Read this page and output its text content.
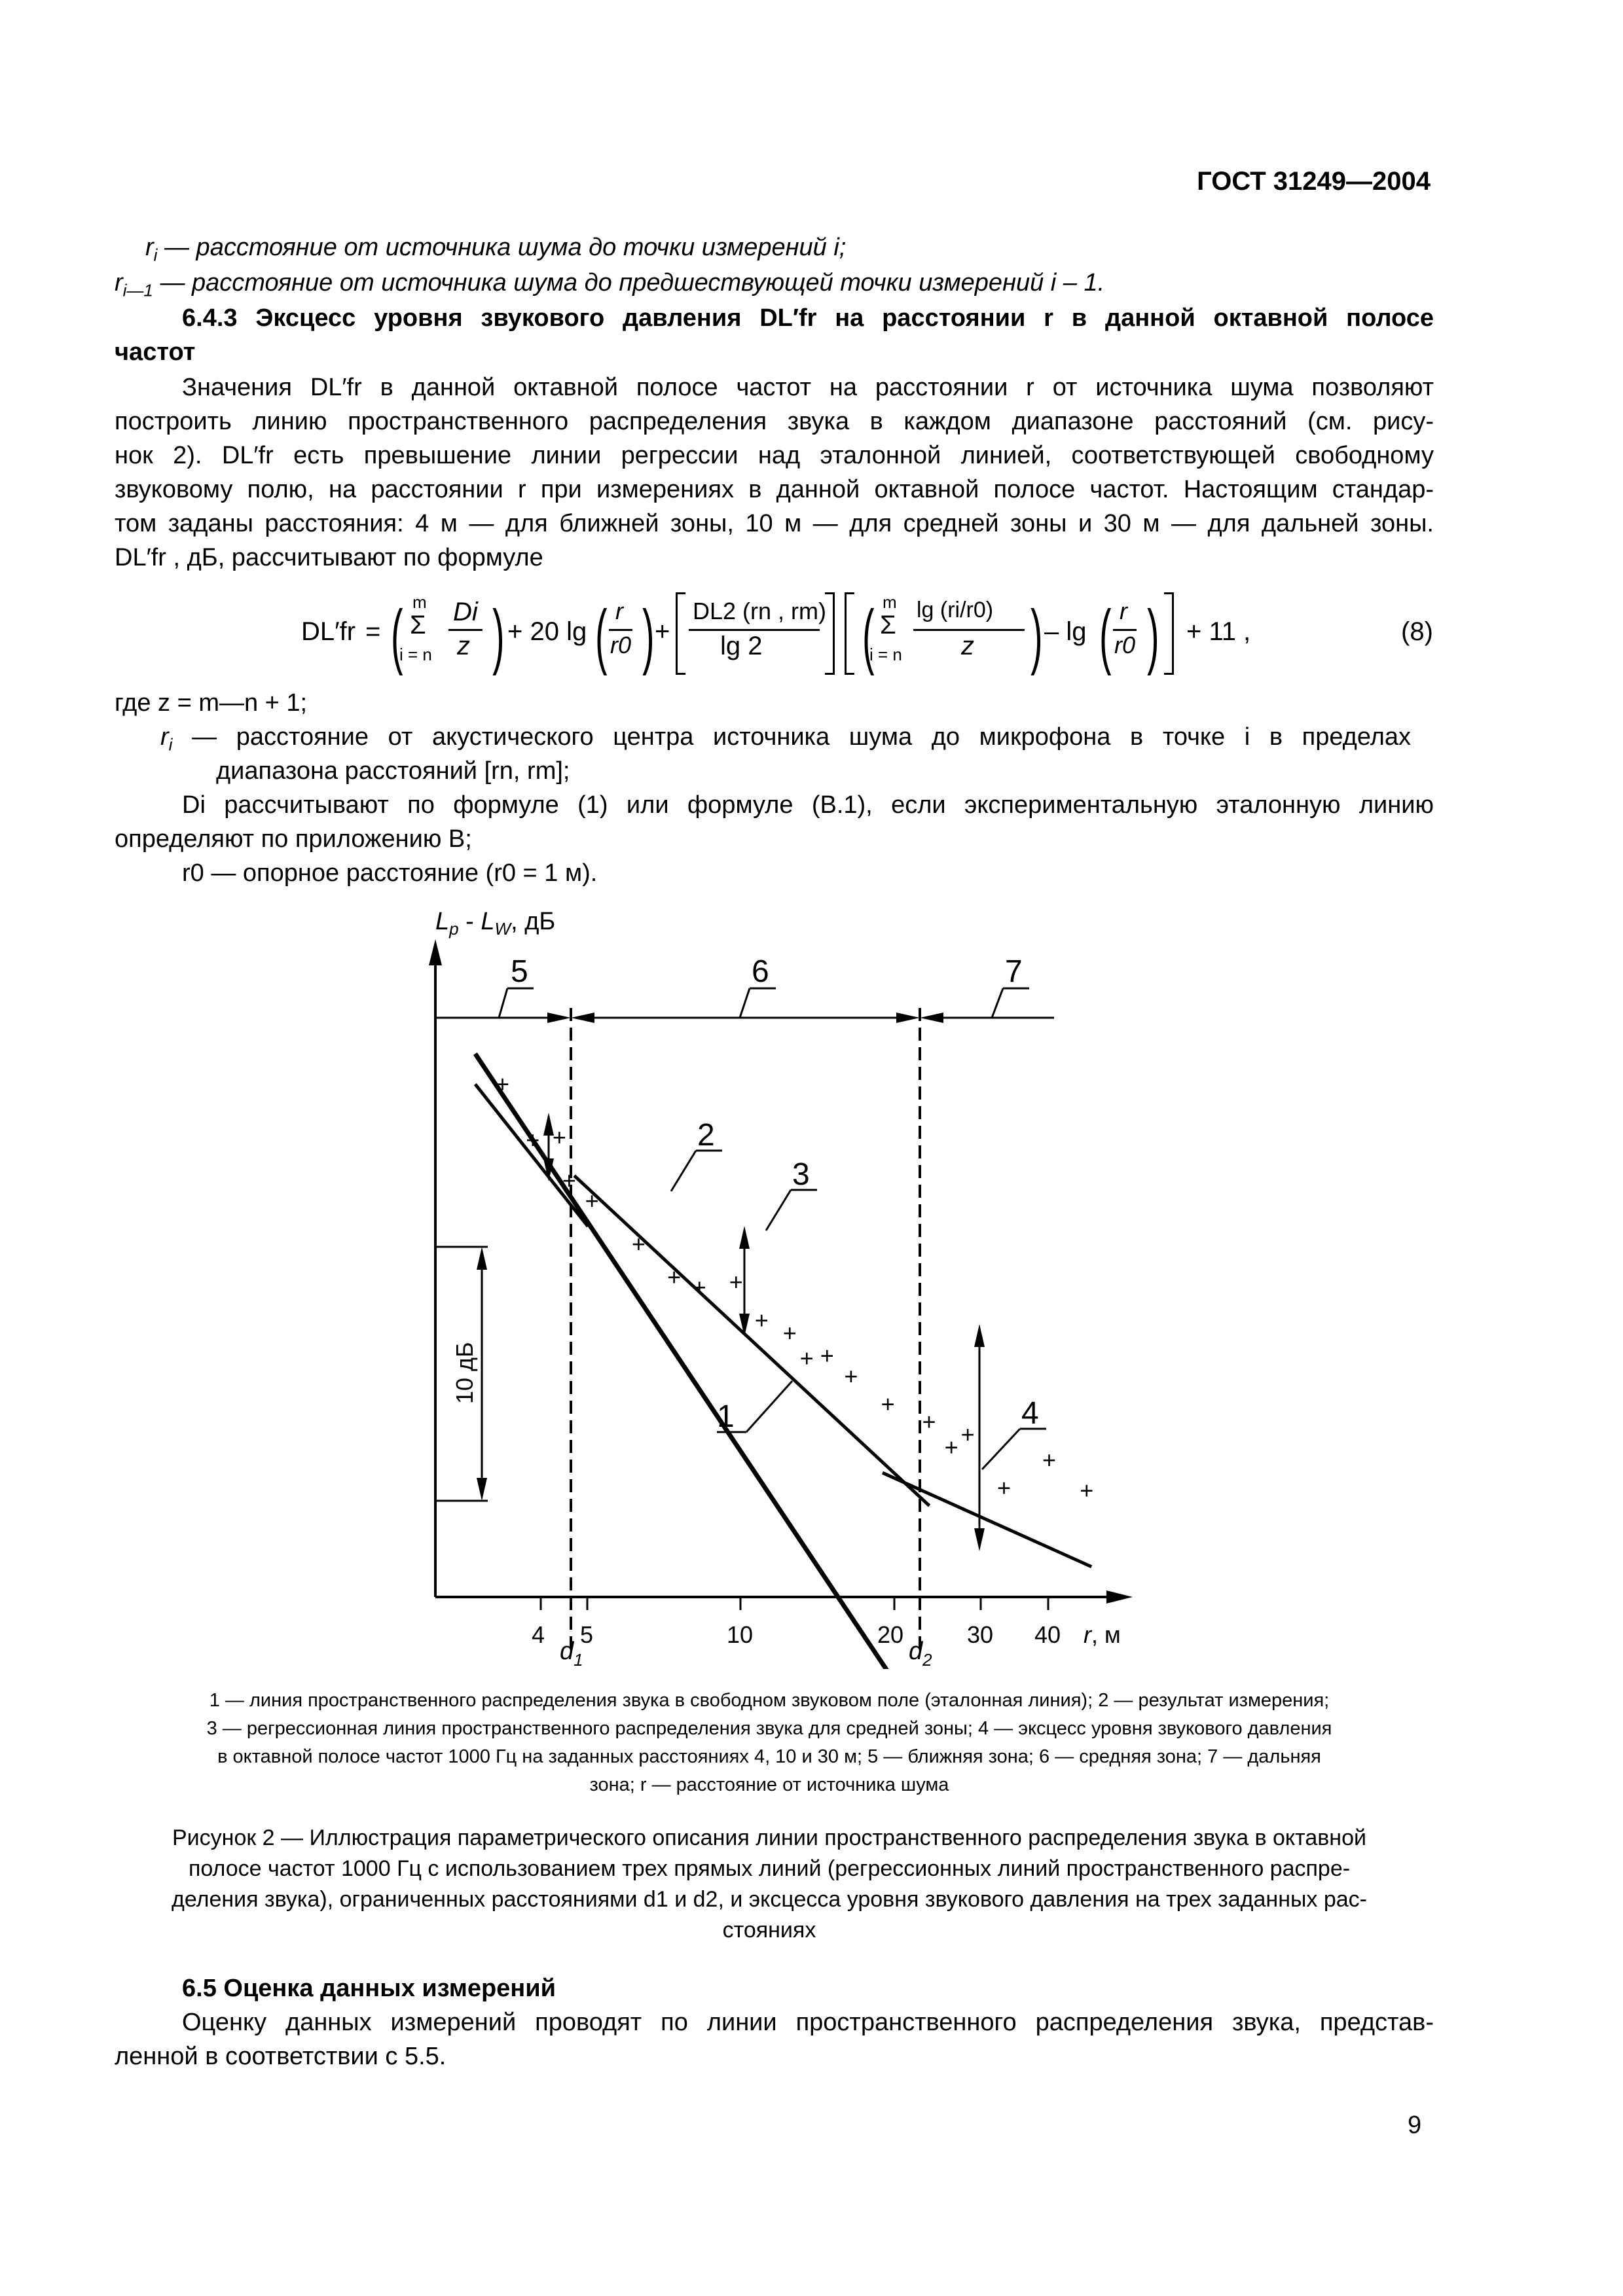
ГОСТ 31249—2004
$r_i$ — расстояние от источника шума до точки измерений i;
$r_{i—1}$ — расстояние от источника шума до предшествующей точки измерений i – 1.
6.4.3 Эксцесс уровня звукового давления DL′fr на расстоянии r в данной октавной полосе
частот
Значения DL′fr в данной октавной полосе частот на расстоянии r от источника шума позволяют
построить линию пространственного распределения звука в каждом диапазоне расстояний (см. рису-
нок 2). DL′fr есть превышение линии регрессии над эталонной линией, соответствующей свободному
звуковому полю, на расстоянии r при измерениях в данной октавной полосе частот. Настоящим стандар-
том заданы расстояния: 4 м — для ближней зоны, 10 м — для средней зоны и 30 м — для дальней зоны.
DL′fr , дБ, рассчитывают по формуле
DL′fr = ( m
Σ
i = n
Di
z ) + 20 lg ( r
r0 ) +
DL2 (rn , rm)
lg 2 ( m
Σ
i = n
lg (ri/r0)
z ) – lg ( r
r0 ) + 11 ,	(8)
где z = m—n + 1;
$r_i$ — расстояние от акустического центра источника шума до микрофона в точке i в пределах
диапазона расстояний [rn, rm];
Di рассчитывают по формуле (1) или формуле (В.1), если экспериментальную эталонную линию
определяют по приложению В;
r0 — опорное расстояние (r0 = 1 м).
$L_p - L_W$, дБ
5	6	7
10 дБ
+
+ +
+
+
+
+ + +
+ +
+ +
+
+
+
+ +
+
+
+
1
2
3
4
4 5	10	20	30 40 r, м
$d_1$	$d_2$
1 — линия пространственного распределения звука в свободном звуковом поле (эталонная линия); 2 — результат измерения;
3 — регрессионная линия пространственного распределения звука для средней зоны; 4 — эксцесс уровня звукового давления
в октавной полосе частот 1000 Гц на заданных расстояниях 4, 10 и 30 м; 5 — ближняя зона; 6 — средняя зона; 7 — дальняя
зона; r — расстояние от источника шума
Рисунок 2 — Иллюстрация параметрического описания линии пространственного распределения звука в октавной
полосе частот 1000 Гц с использованием трех прямых линий (регрессионных линий пространственного распре-
деления звука), ограниченных расстояниями d1 и d2, и эксцесса уровня звукового давления на трех заданных рас-
стояниях
6.5 Оценка данных измерений
Оценку данных измерений проводят по линии пространственного распределения звука, представ-
ленной в соответствии с 5.5.
9
